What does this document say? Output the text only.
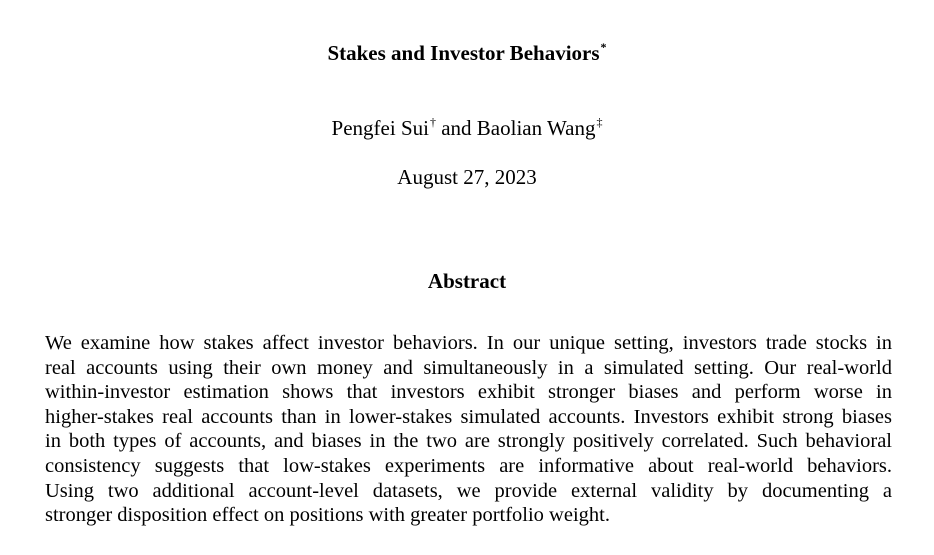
Stakes and Investor Behaviors*
Pengfei Sui† and Baolian Wang‡
August 27, 2023
Abstract
We examine how stakes affect investor behaviors. In our unique setting, investors trade stocks in
real accounts using their own money and simultaneously in a simulated setting. Our real-world
within-investor estimation shows that investors exhibit stronger biases and perform worse in
higher-stakes real accounts than in lower-stakes simulated accounts. Investors exhibit strong biases
in both types of accounts, and biases in the two are strongly positively correlated. Such behavioral
consistency suggests that low-stakes experiments are informative about real-world behaviors.
Using two additional account-level datasets, we provide external validity by documenting a
stronger disposition effect on positions with greater portfolio weight.
